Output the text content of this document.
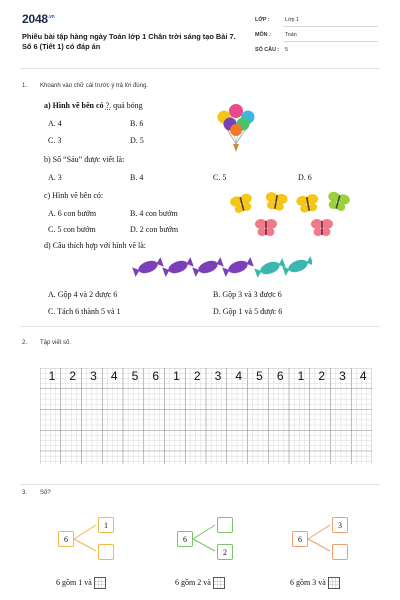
$2048^{.vn}$
Phiếu bài tập hàng ngày Toán lớp 1 Chân trời sáng tạo Bài 7. Số 6 (Tiết 1) có đáp án
LỚP :	Lớp 1
MÔN :	Toán
SỐ CÂU : 5
1. Khoanh vào chữ cái trước ý trả lời đúng.
a) Hình vẽ bên có ?. quả bóng
A. 4	B. 6
C. 3	D. 5
b) Số “Sáu” được viết là:
A. 3	B. 4	C. 5	D. 6
c) Hình vẽ bên có:
A. 6 con bướm	B. 4 con bướm
C. 5 con bướm	D. 2 con bướm
d) Câu thích hợp với hình vẽ là:
A. Gộp 4 và 2 được 6	B. Gộp 3 và 3 được 6
C. Tách 6 thành 5 và 1	D. Gộp 1 và 5 được 6
2. Tập viết số.
1	2	3	4	5	6	1	2	3	4	5	6	1	2	3	4
3. Số?
6
1
6 gồm 1 và
6
2
6 gồm 2 và
6
3
6 gồm 3 và
